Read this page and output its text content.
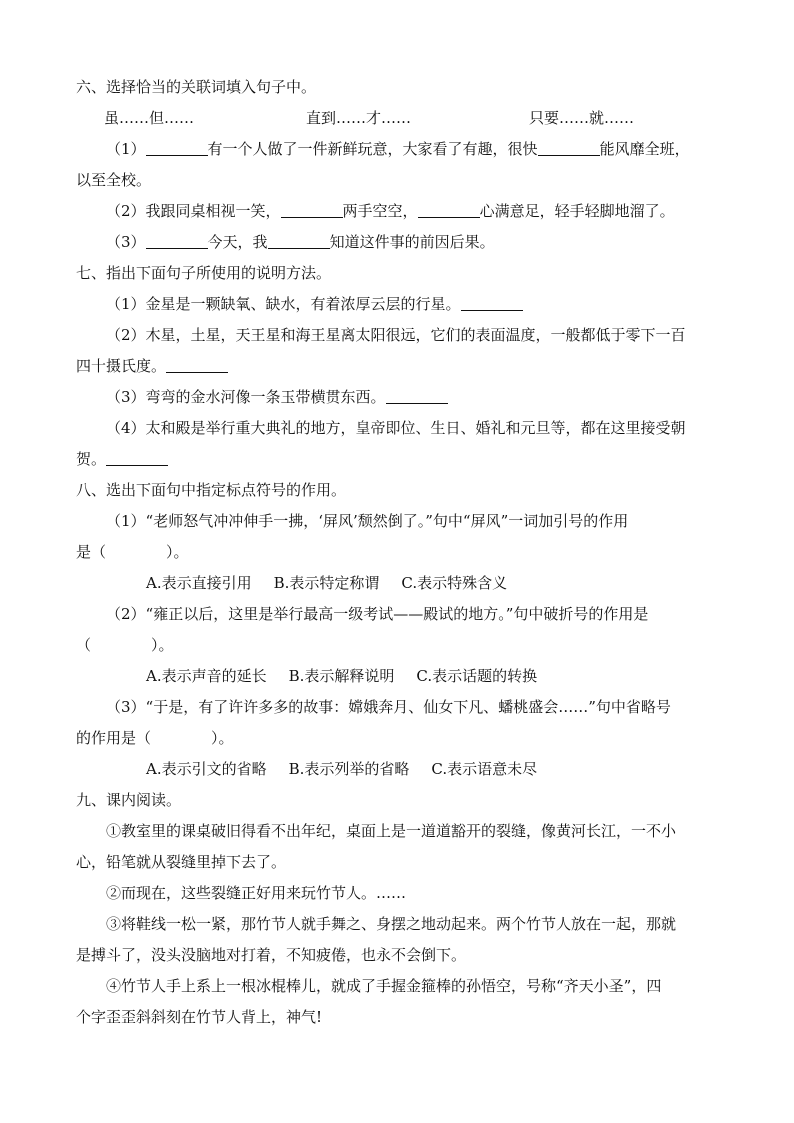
六、选择恰当的关联词填入句子中。
虽……但……	直到……才……	只要……就……
（1）	有一个人做了一件新鲜玩意，大家看了有趣，很快	能风靡全班，
以至全校。
（2）我跟同桌相视一笑，	两手空空，	心满意足，轻手轻脚地溜了。
（3）	今天，我	知道这件事的前因后果。
七、指出下面句子所使用的说明方法。
（1）金星是一颗缺氧、缺水，有着浓厚云层的行星。
（2）木星，土星，天王星和海王星离太阳很远，它们的表面温度，一般都低于零下一百
四十摄氏度。
（3）弯弯的金水河像一条玉带横贯东西。
（4）太和殿是举行重大典礼的地方，皇帝即位、生日、婚礼和元旦等，都在这里接受朝
贺。
八、选出下面句中指定标点符号的作用。
（1）“老师怒气冲冲伸手一拂，‘屏风’颓然倒了。”句中“屏风”一词加引号的作用
是（　　　　）。
A.表示直接引用 B.表示特定称谓 C.表示特殊含义
（2）“雍正以后，这里是举行最高一级考试——殿试的地方。”句中破折号的作用是
（　　　　）。
A.表示声音的延长 B.表示解释说明 C.表示话题的转换
（3）“于是，有了许许多多的故事：嫦娥奔月、仙女下凡、蟠桃盛会……”句中省略号
的作用是（　　　　）。
A.表示引文的省略 B.表示列举的省略 C.表示语意未尽
九、课内阅读。
①教室里的课桌破旧得看不出年纪，桌面上是一道道豁开的裂缝，像黄河长江，一不小
心，铅笔就从裂缝里掉下去了。
②而现在，这些裂缝正好用来玩竹节人。……
③将鞋线一松一紧，那竹节人就手舞之、身摆之地动起来。两个竹节人放在一起，那就
是搏斗了，没头没脑地对打着，不知疲倦，也永不会倒下。
④竹节人手上系上一根冰棍棒儿，就成了手握金箍棒的孙悟空，号称“齐天小圣”，四
个字歪歪斜斜刻在竹节人背上，神气!
